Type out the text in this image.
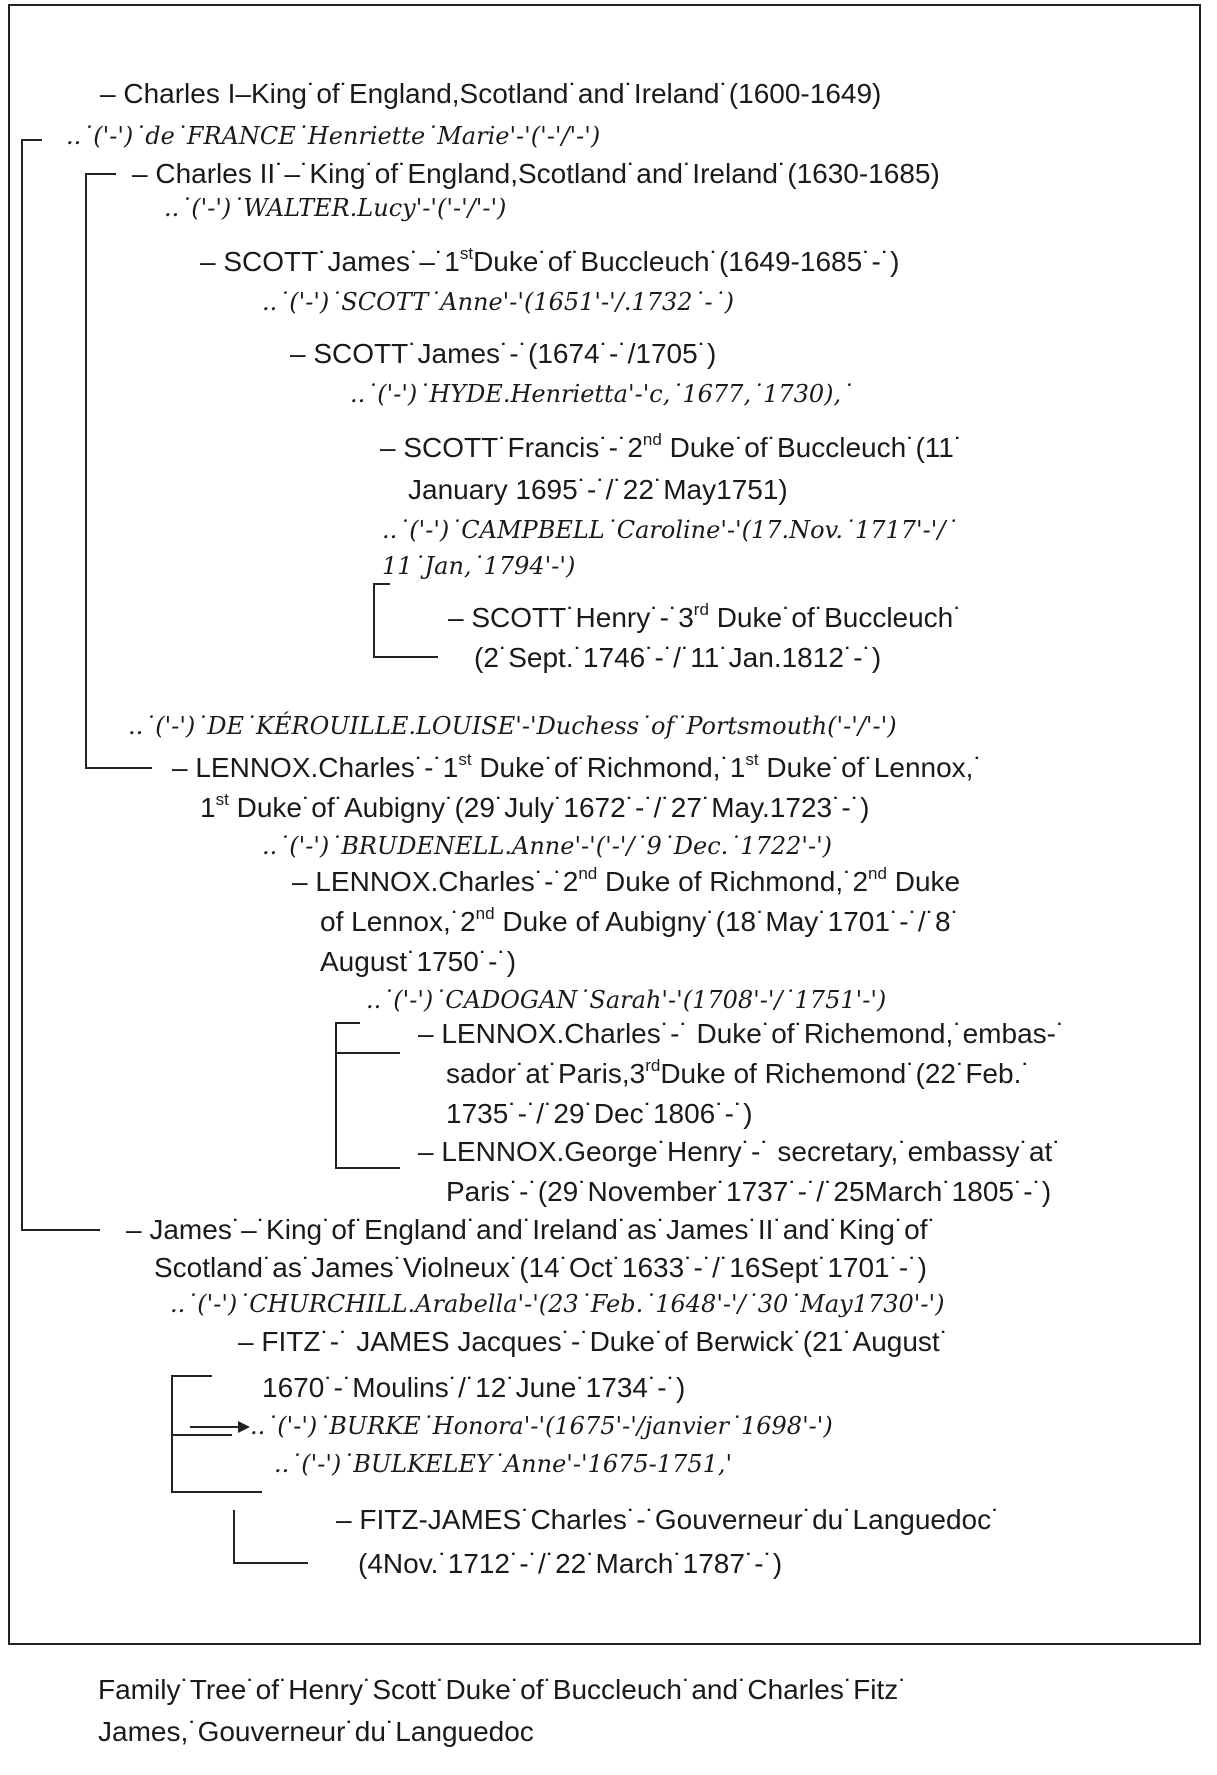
– Charles I–King˙of˙England,Scotland˙and˙Ireland˙(1600-1649)
..˙('-')˙de˙FRANCE˙Henriette˙Marie'-'('-'/'-')
– Charles II˙–˙King˙of˙England,Scotland˙and˙Ireland˙(1630-1685)
..˙('-')˙WALTER.Lucy'-'('-'/'-')
– SCOTT˙James˙–˙1stDuke˙of˙Buccleuch˙(1649-1685˙-˙)
..˙('-')˙SCOTT˙Anne'-'(1651'-'/.1732˙-˙)
– SCOTT˙James˙-˙(1674˙-˙/1705˙)
..˙('-')˙HYDE.Henrietta'-'c,˙1677,˙1730),˙
– SCOTT˙Francis˙-˙2nd Duke˙of˙Buccleuch˙(11˙
January 1695˙-˙/˙22˙May1751)
..˙('-')˙CAMPBELL˙Caroline'-'(17.Nov.˙1717'-'/˙
11˙Jan,˙1794'-')
– SCOTT˙Henry˙-˙3rd Duke˙of˙Buccleuch˙
(2˙Sept.˙1746˙-˙/˙11˙Jan.1812˙-˙)
..˙('-')˙DE˙KÉROUILLE.LOUISE'-'Duchess˙of˙Portsmouth('-'/'-')
– LENNOX.Charles˙-˙1st Duke˙of˙Richmond,˙1st Duke˙of˙Lennox,˙
1st Duke˙of˙Aubigny˙(29˙July˙1672˙-˙/˙27˙May.1723˙-˙)
..˙('-')˙BRUDENELL.Anne'-'('-'/˙9˙Dec.˙1722'-')
– LENNOX.Charles˙-˙2nd Duke of Richmond,˙2nd Duke
of Lennox,˙2nd Duke of Aubigny˙(18˙May˙1701˙-˙/˙8˙
August˙1750˙-˙)
..˙('-')˙CADOGAN˙Sarah'-'(1708'-'/˙1751'-')
– LENNOX.Charles˙-˙ Duke˙of˙Richemond,˙embas-˙
sador˙at˙Paris,3rdDuke of Richemond˙(22˙Feb.˙
1735˙-˙/˙29˙Dec˙1806˙-˙)
– LENNOX.George˙Henry˙-˙ secretary,˙embassy˙at˙
Paris˙-˙(29˙November˙1737˙-˙/˙25March˙1805˙-˙)
– James˙–˙King˙of˙England˙and˙Ireland˙as˙James˙II˙and˙King˙of˙
Scotland˙as˙James˙Violneux˙(14˙Oct˙1633˙-˙/˙16Sept˙1701˙-˙)
..˙('-')˙CHURCHILL.Arabella'-'(23˙Feb.˙1648'-'/˙30˙May1730'-')
– FITZ˙-˙ JAMES Jacques˙-˙Duke˙of Berwick˙(21˙August˙
1670˙-˙Moulins˙/˙12˙June˙1734˙-˙)
..˙('-')˙BURKE˙Honora'-'(1675'-'/janvier˙1698'-')
..˙('-')˙BULKELEY˙Anne'-'1675-1751,'
– FITZ-JAMES˙Charles˙-˙Gouverneur˙du˙Languedoc˙
(4Nov.˙1712˙-˙/˙22˙March˙1787˙-˙)
Family˙Tree˙of˙Henry˙Scott˙Duke˙of˙Buccleuch˙and˙Charles˙Fitz˙
James,˙Gouverneur˙du˙Languedoc
